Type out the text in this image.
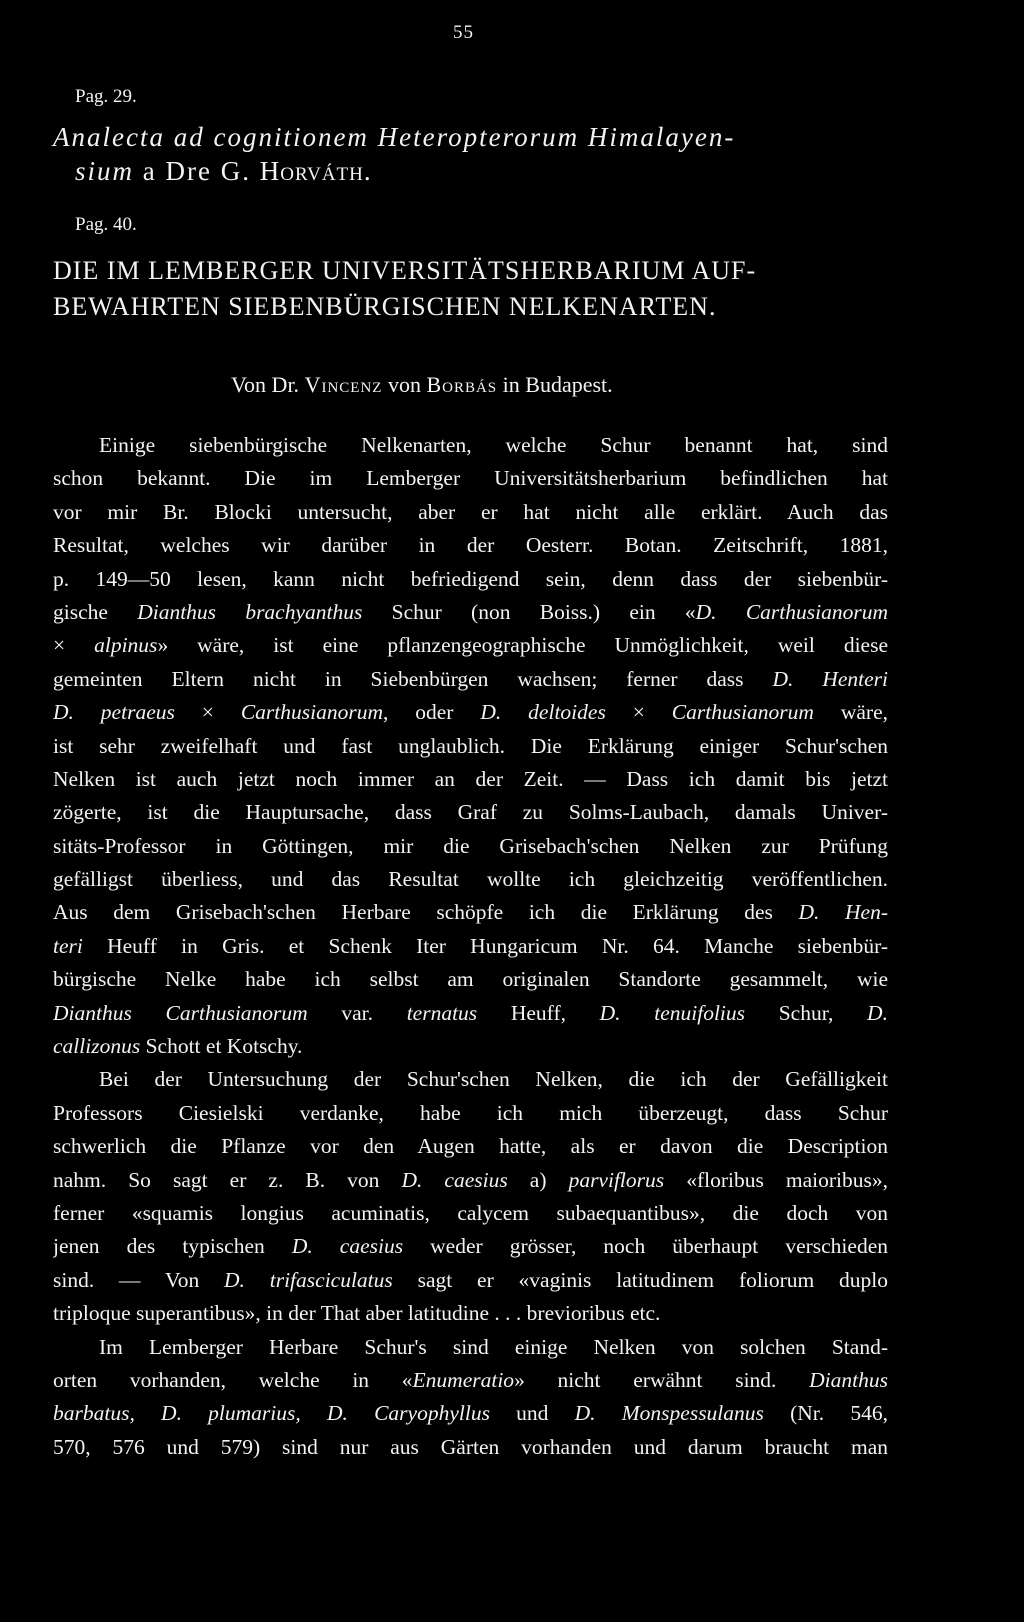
55
Pag. 29.
Analecta ad cognitionem Heteropterorum Himalayen-
sium a Dre G. Horváth.
Pag. 40.
DIE IM LEMBERGER UNIVERSITÄTSHERBARIUM AUF-
BEWAHRTEN SIEBENBÜRGISCHEN NELKENARTEN.
Von Dr. Vincenz von Borbás in Budapest.
Einige siebenbürgische Nelkenarten, welche Schur benannt hat, sind
schon bekannt. Die im Lemberger Universitätsherbarium befindlichen hat
vor mir Br. Blocki untersucht, aber er hat nicht alle erklärt. Auch das
Resultat, welches wir darüber in der Oesterr. Botan. Zeitschrift, 1881,
p. 149—50 lesen, kann nicht befriedigend sein, denn dass der siebenbür-
gische Dianthus brachyanthus Schur (non Boiss.) ein «D. Carthusianorum
× alpinus» wäre, ist eine pflanzengeographische Unmöglichkeit, weil diese
gemeinten Eltern nicht in Siebenbürgen wachsen; ferner dass D. Henteri
D. petraeus × Carthusianorum, oder D. deltoides × Carthusianorum wäre,
ist sehr zweifelhaft und fast unglaublich. Die Erklärung einiger Schur'schen
Nelken ist auch jetzt noch immer an der Zeit. — Dass ich damit bis jetzt
zögerte, ist die Hauptursache, dass Graf zu Solms-Laubach, damals Univer-
sitäts-Professor in Göttingen, mir die Grisebach'schen Nelken zur Prüfung
gefälligst überliess, und das Resultat wollte ich gleichzeitig veröffentlichen.
Aus dem Grisebach'schen Herbare schöpfe ich die Erklärung des D. Hen-
teri Heuff in Gris. et Schenk Iter Hungaricum Nr. 64. Manche siebenbür-
bürgische Nelke habe ich selbst am originalen Standorte gesammelt, wie
Dianthus Carthusianorum var. ternatus Heuff, D. tenuifolius Schur, D.
callizonus Schott et Kotschy.
Bei der Untersuchung der Schur'schen Nelken, die ich der Gefälligkeit
Professors Ciesielski verdanke, habe ich mich überzeugt, dass Schur
schwerlich die Pflanze vor den Augen hatte, als er davon die Description
nahm. So sagt er z. B. von D. caesius a) parviflorus «floribus maioribus»,
ferner «squamis longius acuminatis, calycem subaequantibus», die doch von
jenen des typischen D. caesius weder grösser, noch überhaupt verschieden
sind. — Von D. trifasciculatus sagt er «vaginis latitudinem foliorum duplo
triploque superantibus», in der That aber latitudine . . . brevioribus etc.
Im Lemberger Herbare Schur's sind einige Nelken von solchen Stand-
orten vorhanden, welche in «Enumeratio» nicht erwähnt sind. Dianthus
barbatus, D. plumarius, D. Caryophyllus und D. Monspessulanus (Nr. 546,
570, 576 und 579) sind nur aus Gärten vorhanden und darum braucht man
